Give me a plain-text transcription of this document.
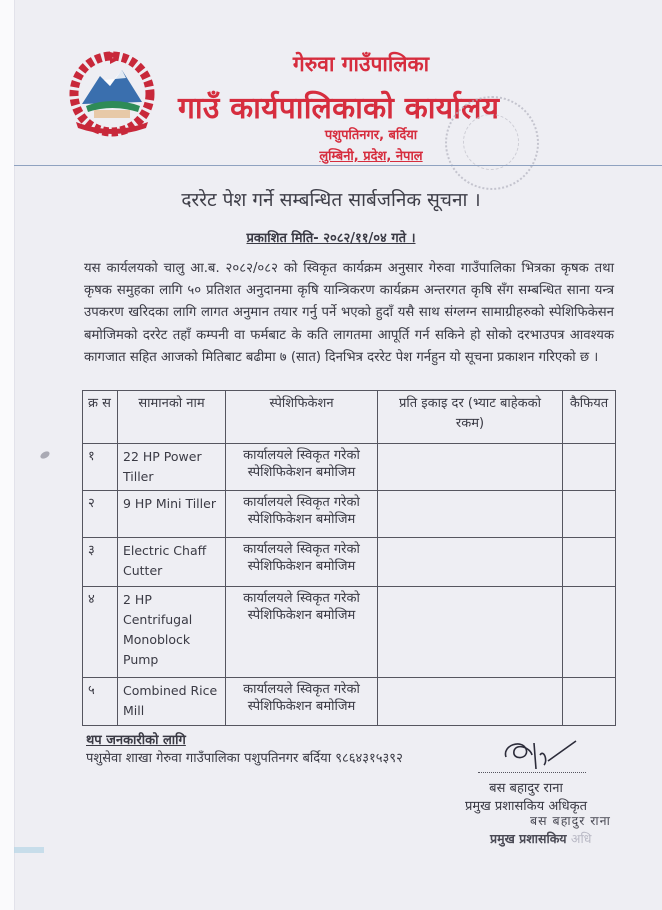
गेरुवा गाउँपालिका
गाउँ कार्यपालिकाको कार्यालय
पशुपतिनगर, बर्दिया
लुम्बिनी, प्रदेश, नेपाल
दररेट पेश गर्ने सम्बन्धित सार्बजनिक सूचना ।
प्रकाशित मिति- २०८२/११/०४ गते ।
यस कार्यलयको चालु आ.ब. २०८२/०८२ को स्विकृत कार्यक्रम अनुसार गेरुवा गाउँपालिका भित्रका कृषक तथा कृषक समुहका लागि ५० प्रतिशत अनुदानमा कृषि यान्त्रिकरण कार्यक्रम अन्तरगत कृषि सँग सम्बन्धित साना यन्त्र उपकरण खरिदका लागि लागत अनुमान तयार गर्नु पर्ने भएको हुदाँ यसै साथ संग्लग्न सामाग्रीहरुको स्पेशिफिकेसन बमोजिमको दररेट तहाँ कम्पनी वा फर्मबाट के कति लागतमा आपूर्ति गर्न सकिने हो सोको दरभाउपत्र आवश्यक कागजात सहित आजको मितिबाट बढीमा ७ (सात) दिनभित्र दररेट पेश गर्नहुन यो सूचना प्रकाशन गरिएको छ ।
क्र स	सामानको नाम	स्पेशिफिकेशन	प्रति इकाइ दर (भ्याट बाहेकको रकम)	कैफियत
१	22 HP Power Tiller	कार्यालयले स्विकृत गरेको
स्पेशिफिकेशन बमोजिम		
२	9 HP Mini Tiller	कार्यालयले स्विकृत गरेको
स्पेशिफिकेशन बमोजिम		
३	Electric Chaff Cutter	कार्यालयले स्विकृत गरेको
स्पेशिफिकेशन बमोजिम		
४	2 HP Centrifugal Monoblock Pump	कार्यालयले स्विकृत गरेको
स्पेशिफिकेशन बमोजिम		
५	Combined Rice Mill	कार्यालयले स्विकृत गरेको
स्पेशिफिकेशन बमोजिम		
थप जनकारीको लागि
पशुसेवा शाखा गेरुवा गाउँपालिका पशुपतिनगर बर्दिया ९८६४३१५३९२
बस बहादुर राना
प्रमुख प्रशासकिय अधिकृत
बस बहादुर राना
प्रमुख प्रशासकिय अधि
